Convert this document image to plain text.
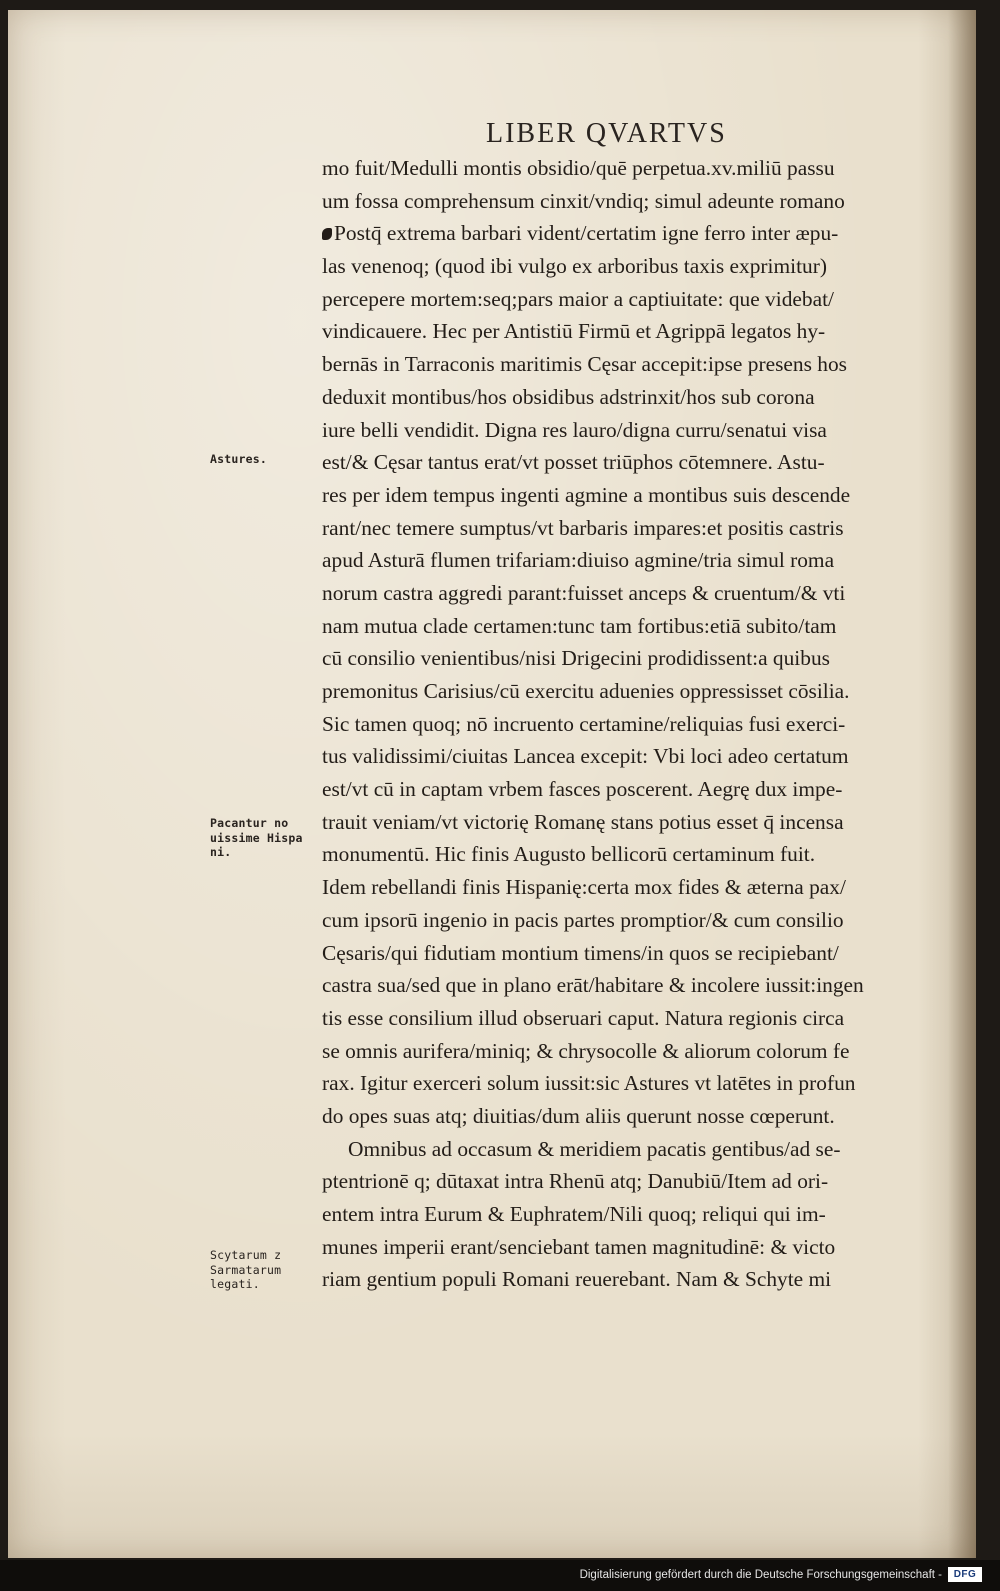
LIBER QVARTVS
mo fuit/Medulli montis obsidio/quē perpetua.xv.miliū passu
um fossa comprehensum cinxit/vndiq; simul adeunte romano
Postq̄ extrema barbari vident/certatim igne ferro inter æpu-
las venenoq; (quod ibi vulgo ex arboribus taxis exprimitur)
percepere mortem:seq;pars maior a captiuitate: que videbat/
vindicauere. Hec per Antistiū Firmū et Agrippā legatos hy-
bernās in Tarraconis maritimis Cęsar accepit:ipse presens hos
deduxit montibus/hos obsidibus adstrinxit/hos sub corona
iure belli vendidit. Digna res lauro/digna curru/senatui visa
est/& Cęsar tantus erat/vt posset triūphos cōtemnere. Astu-
res per idem tempus ingenti agmine a montibus suis descende
rant/nec temere sumptus/vt barbaris impares:et positis castris
apud Asturā flumen trifariam:diuiso agmine/tria simul roma
norum castra aggredi parant:fuisset anceps & cruentum/& vti
nam mutua clade certamen:tunc tam fortibus:etiā subito/tam
cū consilio venientibus/nisi Drigecini prodidissent:a quibus
premonitus Carisius/cū exercitu aduenies oppressisset cōsilia.
Sic tamen quoq; nō incruento certamine/reliquias fusi exerci-
tus validissimi/ciuitas Lancea excepit: Vbi loci adeo certatum
est/vt cū in captam vrbem fasces poscerent. Aegrę dux impe-
trauit veniam/vt victorię Romanę stans potius esset q̄ incensa
monumentū. Hic finis Augusto bellicorū certaminum fuit.
Idem rebellandi finis Hispanię:certa mox fides & æterna pax/
cum ipsorū ingenio in pacis partes promptior/& cum consilio
Cęsaris/qui fidutiam montium timens/in quos se recipiebant/
castra sua/sed que in plano erāt/habitare & incolere iussit:ingen
tis esse consilium illud obseruari caput. Natura regionis circa
se omnis aurifera/miniq; & chrysocolle & aliorum colorum fe
rax. Igitur exerceri solum iussit:sic Astures vt latētes in profun
do opes suas atq; diuitias/dum aliis querunt nosse cœperunt.
Omnibus ad occasum & meridiem pacatis gentibus/ad se-
ptentrionē q; dūtaxat intra Rhenū atq; Danubiū/Item ad ori-
entem intra Eurum & Euphratem/Nili quoq; reliqui qui im-
munes imperii erant/senciebant tamen magnitudinē: & victo
riam gentium populi Romani reuerebant. Nam & Schyte mi
Astures.
Pacantur no
uissime Hispa
ni.
Scytarum z
Sarmatarum
legati.
Digitalisierung gefördert durch die Deutsche Forschungsgemeinschaft -	DFG
